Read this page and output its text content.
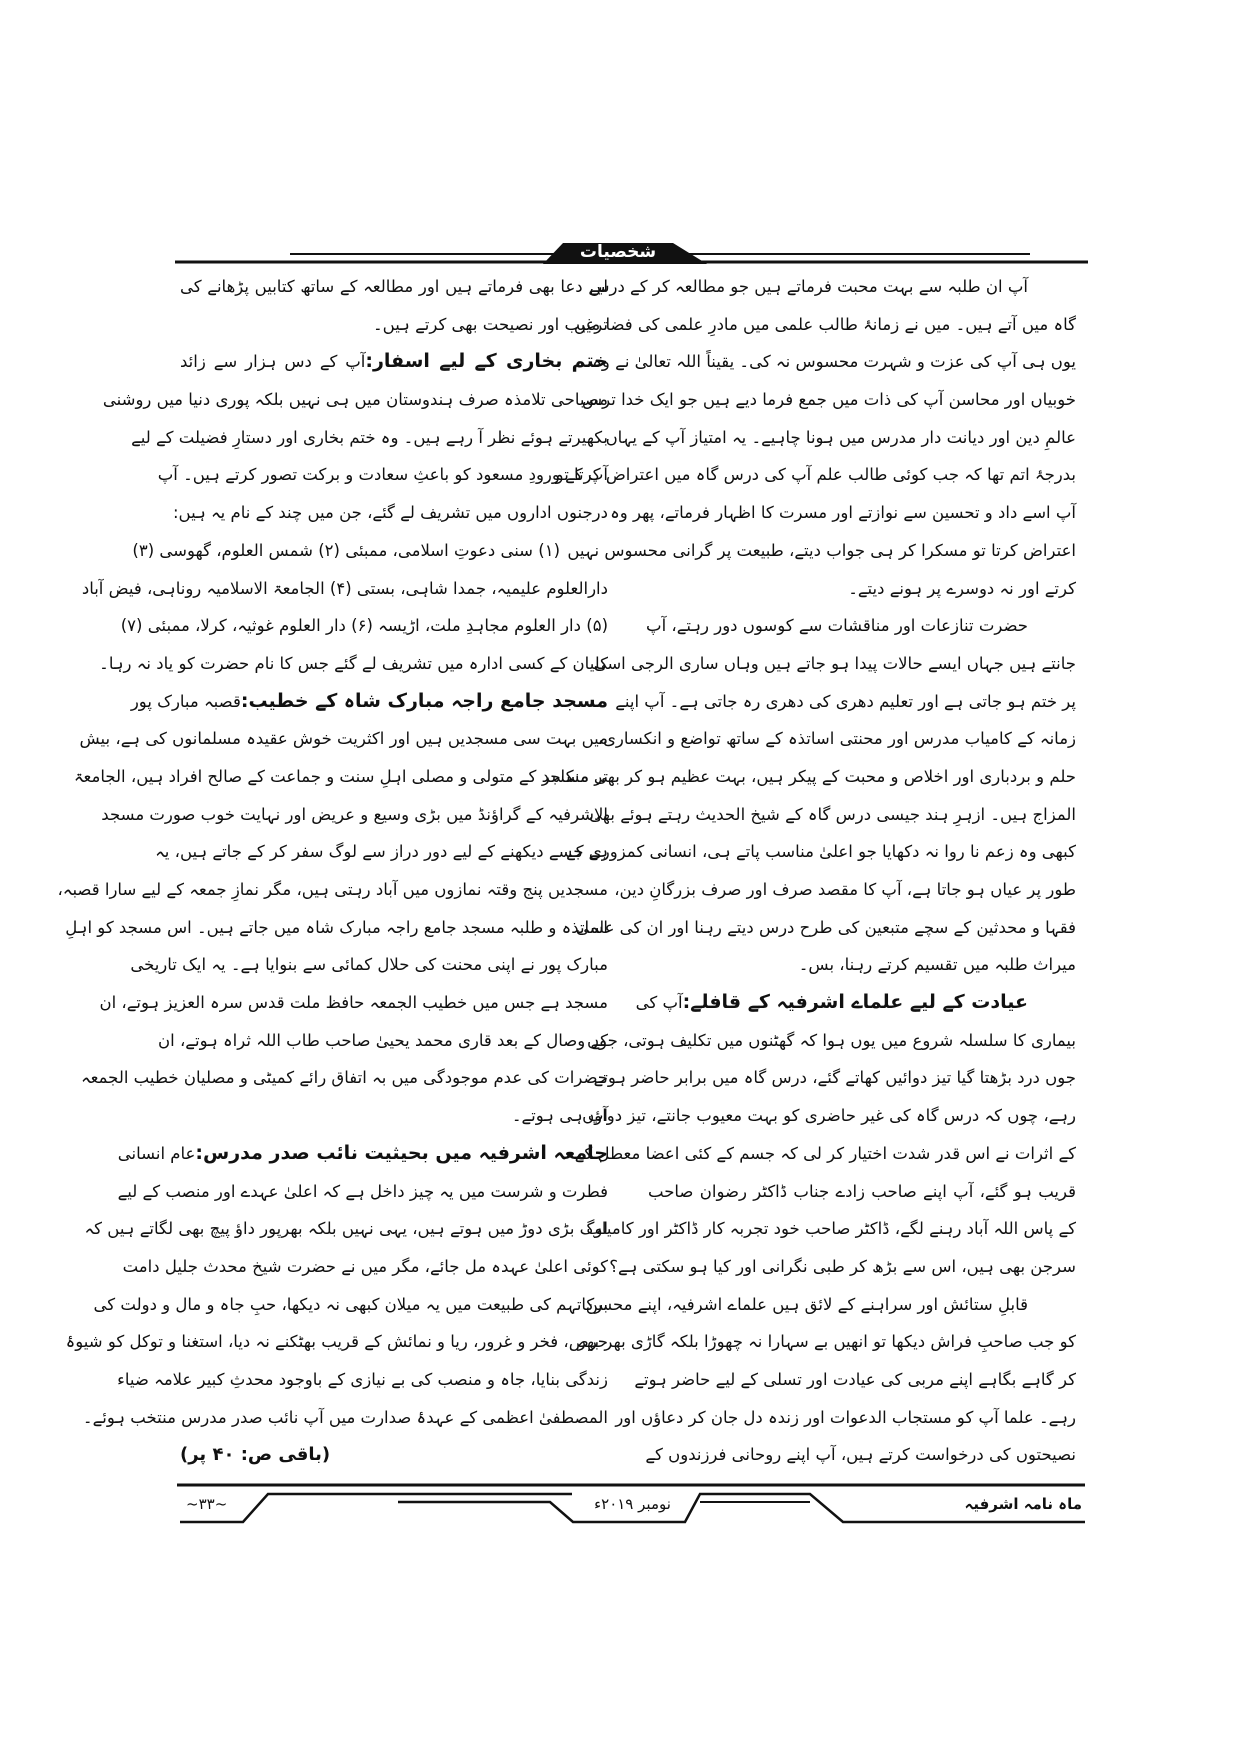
شخصیات
آپ ان طلبہ سے بہت محبت فرماتے ہیں جو مطالعہ کر کے درس
گاہ میں آتے ہیں۔ میں نے زمانۂ طالب علمی میں مادرِ علمی کی فضا میں
یوں ہی آپ کی عزت و شہرت محسوس نہ کی۔ یقیناً اللہ تعالیٰ نے وہ
خوبیاں اور محاسن آپ کی ذات میں جمع فرما دیے ہیں جو ایک خدا ترس
عالمِ دین اور دیانت دار مدرس میں ہونا چاہیے۔ یہ امتیاز آپ کے یہاں
بدرجۂ اتم تھا کہ جب کوئی طالب علم آپ کی درس گاہ میں اعتراض کرتا تو
آپ اسے داد و تحسین سے نوازتے اور مسرت کا اظہار فرماتے، پھر وہ
اعتراض کرتا تو مسکرا کر ہی جواب دیتے، طبیعت پر گرانی محسوس نہیں
کرتے اور نہ دوسرے پر ہونے دیتے۔
حضرت تنازعات اور مناقشات سے کوسوں دور رہتے، آپ
جانتے ہیں جہاں ایسے حالات پیدا ہو جاتے ہیں وہاں ساری الرجی اسی
پر ختم ہو جاتی ہے اور تعلیم دھری کی دھری رہ جاتی ہے۔ آپ اپنے
زمانہ کے کامیاب مدرس اور محنتی اساتذہ کے ساتھ تواضع و انکساری،
حلم و بردباری اور اخلاص و محبت کے پیکر ہیں، بہت عظیم ہو کر بھی منکسر
المزاج ہیں۔ ازہرِ ہند جیسی درس گاہ کے شیخ الحدیث رہتے ہوئے بھی
کبھی وہ زعم نا روا نہ دکھایا جو اعلیٰ مناسب پاتے ہی، انسانی کمزوری کے
طور پر عیاں ہو جاتا ہے، آپ کا مقصد صرف اور صرف بزرگانِ دین،
فقہا و محدثین کے سچے متبعین کی طرح درس دیتے رہنا اور ان کی علمی
میراث طلبہ میں تقسیم کرتے رہنا، بس۔
عیادت کے لیے علماے اشرفیہ کے قافلے:آپ کی
بیماری کا سلسلہ شروع میں یوں ہوا کہ گھٹنوں میں تکلیف ہوتی، جوں
جوں درد بڑھتا گیا تیز دوائیں کھاتے گئے، درس گاہ میں برابر حاضر ہوتے
رہے، چوں کہ درس گاہ کی غیر حاضری کو بہت معیوب جانتے، تیز دواؤں
کے اثرات نے اس قدر شدت اختیار کر لی کہ جسم کے کئی اعضا معطل کے
قریب ہو گئے، آپ اپنے صاحب زادے جناب ڈاکٹر رضوان صاحب
کے پاس اللہ آباد رہنے لگے، ڈاکٹر صاحب خود تجربہ کار ڈاکٹر اور کامیاب
سرجن بھی ہیں، اس سے بڑھ کر طبی نگرانی اور کیا ہو سکتی ہے؟
قابلِ ستائش اور سراہنے کے لائق ہیں علماے اشرفیہ، اپنے محسن
کو جب صاحبِ فراش دیکھا تو انھیں بے سہارا نہ چھوڑا بلکہ گاڑی بھر بھر
کر گاہے بگاہے اپنے مربی کی عیادت اور تسلی کے لیے حاضر ہوتے
رہے۔ علما آپ کو مستجاب الدعوات اور زندہ دل جان کر دعاؤں اور
نصیحتوں کی درخواست کرتے ہیں، آپ اپنے روحانی فرزندوں کے
لیے دعا بھی فرماتے ہیں اور مطالعہ کے ساتھ کتابیں پڑھانے کی
ترغیب اور نصیحت بھی کرتے ہیں۔
ختم بخاری کے لیے اسفار:آپ کے دس ہزار سے زائد
مصباحی تلامذہ صرف ہندوستان میں ہی نہیں بلکہ پوری دنیا میں روشنی
بکھیرتے ہوئے نظر آ رہے ہیں۔ وہ ختم بخاری اور دستارِ فضیلت کے لیے
آپ کے ورودِ مسعود کو باعثِ سعادت و برکت تصور کرتے ہیں۔ آپ
درجنوں اداروں میں تشریف لے گئے، جن میں چند کے نام یہ ہیں:
(۱) سنی دعوتِ اسلامی، ممبئی (۲) شمس العلوم، گھوسی (۳)
دارالعلوم علیمیہ، جمدا شاہی، بستی (۴) الجامعۃ الاسلامیہ روناہی، فیض آباد
(۵) دار العلوم مجاہدِ ملت، اڑیسہ (۶) دار العلوم غوثیہ، کرلا، ممبئی (۷)
کلیان کے کسی ادارہ میں تشریف لے گئے جس کا نام حضرت کو یاد نہ رہا۔
مسجد جامع راجہ مبارک شاہ کے خطیب:قصبہ مبارک پور
میں بہت سی مسجدیں ہیں اور اکثریت خوش عقیدہ مسلمانوں کی ہے، بیش
تر مساجد کے متولی و مصلی اہلِ سنت و جماعت کے صالح افراد ہیں، الجامعۃ
الاشرفیہ کے گراؤنڈ میں بڑی وسیع و عریض اور نہایت خوب صورت مسجد
ہے جسے دیکھنے کے لیے دور دراز سے لوگ سفر کر کے جاتے ہیں، یہ
مسجدیں پنج وقتہ نمازوں میں آباد رہتی ہیں، مگر نمازِ جمعہ کے لیے سارا قصبہ،
اساتذہ و طلبہ مسجد جامع راجہ مبارک شاہ میں جاتے ہیں۔ اس مسجد کو اہلِ
مبارک پور نے اپنی محنت کی حلال کمائی سے بنوایا ہے۔ یہ ایک تاریخی
مسجد ہے جس میں خطیب الجمعہ حافظ ملت قدس سرہ العزیز ہوتے، ان
کے وصال کے بعد قاری محمد یحییٰ صاحب طاب اللہ ثراہ ہوتے، ان
حضرات کی عدم موجودگی میں بہ اتفاق رائے کمیٹی و مصلیان خطیب الجمعہ
آپ ہی ہوتے۔
جامعہ اشرفیہ میں بحیثیت نائب صدر مدرس:عام انسانی
فطرت و شرست میں یہ چیز داخل ہے کہ اعلیٰ عہدے اور منصب کے لیے
لوگ بڑی دوڑ میں ہوتے ہیں، یہی نہیں بلکہ بھرپور داؤ پیچ بھی لگاتے ہیں کہ
کوئی اعلیٰ عہدہ مل جائے، مگر میں نے حضرت شیخ محدث جلیل دامت
برکاتہم کی طبیعت میں یہ میلان کبھی نہ دیکھا، حبِ جاہ و مال و دولت کی
حرص، فخر و غرور، ریا و نمائش کے قریب بھٹکنے نہ دیا، استغنا و توکل کو شیوۂ
زندگی بنایا، جاہ و منصب کی بے نیازی کے باوجود محدثِ کبیر علامہ ضیاء
المصطفیٰ اعظمی کے عہدۂ صدارت میں آپ نائب صدر مدرس منتخب ہوئے۔
(باقی ص: ۴۰ پر)
ماہ نامہ اشرفیہ
نومبر ۲۰۱۹ء
~۳۳~
